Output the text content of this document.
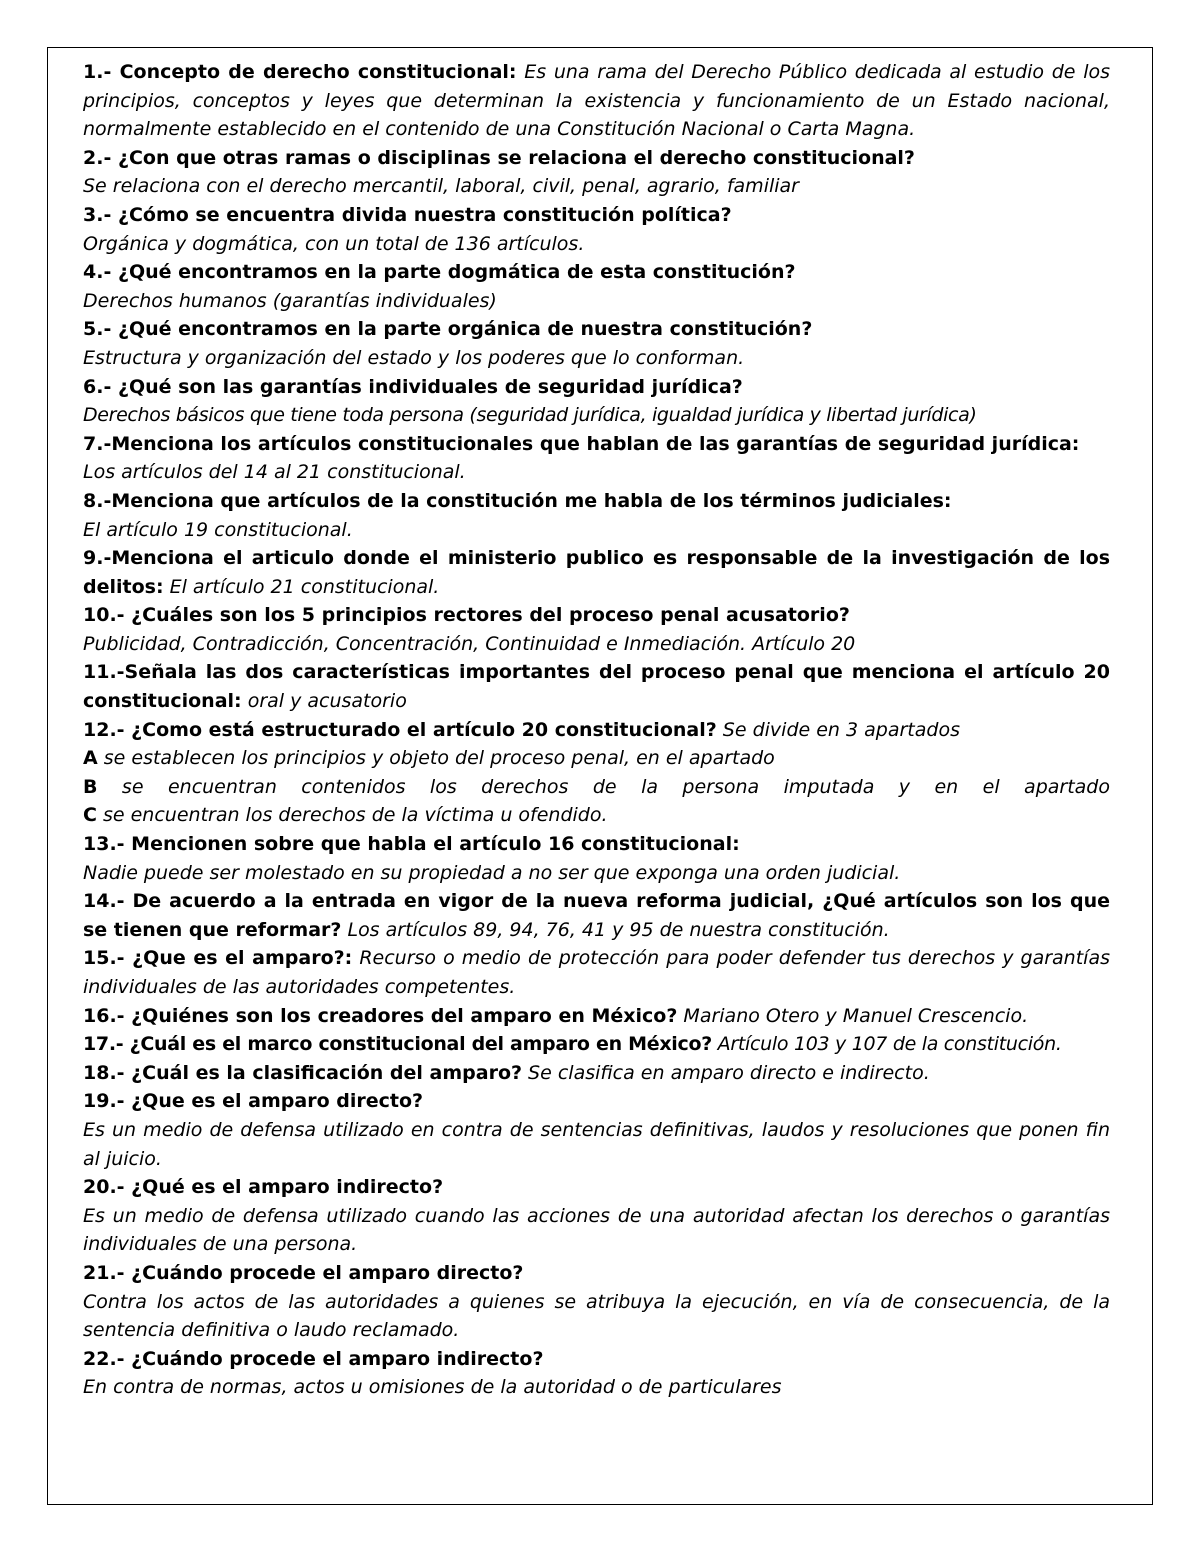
1.- Concepto de derecho constitucional: Es una rama del Derecho Público dedicada al estudio de los principios, conceptos y leyes que determinan la existencia y funcionamiento de un Estado nacional, normalmente establecido en el contenido de una Constitución Nacional o Carta Magna.
2.- ¿Con que otras ramas o disciplinas se relaciona el derecho constitucional?
Se relaciona con el derecho mercantil, laboral, civil, penal, agrario, familiar
3.- ¿Cómo se encuentra divida nuestra constitución política?
Orgánica y dogmática, con un total de 136 artículos.
4.- ¿Qué encontramos en la parte dogmática de esta constitución?
Derechos humanos (garantías individuales)
5.- ¿Qué encontramos en la parte orgánica de nuestra constitución?
Estructura y organización del estado y los poderes que lo conforman.
6.- ¿Qué son las garantías individuales de seguridad jurídica?
Derechos básicos que tiene toda persona (seguridad jurídica, igualdad jurídica y libertad jurídica)
7.-Menciona los artículos constitucionales que hablan de las garantías de seguridad jurídica:
Los artículos del 14 al 21 constitucional.
8.-Menciona que artículos de la constitución me habla de los términos judiciales:
El artículo 19 constitucional.
9.-Menciona el articulo donde el ministerio publico es responsable de la investigación de los delitos: El artículo 21 constitucional.
10.- ¿Cuáles son los 5 principios rectores del proceso penal acusatorio?
Publicidad, Contradicción, Concentración, Continuidad e Inmediación. Artículo 20
11.-Señala las dos características importantes del proceso penal que menciona el artículo 20 constitucional: oral y acusatorio
12.- ¿Como está estructurado el artículo 20 constitucional? Se divide en 3 apartados
A se establecen los principios y objeto del proceso penal, en el apartado
B se encuentran contenidos los derechos de la persona imputada y en el apartado
C se encuentran los derechos de la víctima u ofendido.
13.- Mencionen sobre que habla el artículo 16 constitucional:
Nadie puede ser molestado en su propiedad a no ser que exponga una orden judicial.
14.- De acuerdo a la entrada en vigor de la nueva reforma judicial, ¿Qué artículos son los que se tienen que reformar? Los artículos 89, 94, 76, 41 y 95 de nuestra constitución.
15.- ¿Que es el amparo?: Recurso o medio de protección para poder defender tus derechos y garantías individuales de las autoridades competentes.
16.- ¿Quiénes son los creadores del amparo en México? Mariano Otero y Manuel Crescencio.
17.- ¿Cuál es el marco constitucional del amparo en México? Artículo 103 y 107 de la constitución.
18.- ¿Cuál es la clasificación del amparo? Se clasifica en amparo directo e indirecto.
19.- ¿Que es el amparo directo?
Es un medio de defensa utilizado en contra de sentencias definitivas, laudos y resoluciones que ponen fin al juicio.
20.- ¿Qué es el amparo indirecto?
Es un medio de defensa utilizado cuando las acciones de una autoridad afectan los derechos o garantías individuales de una persona.
21.- ¿Cuándo procede el amparo directo?
Contra los actos de las autoridades a quienes se atribuya la ejecución, en vía de consecuencia, de la sentencia definitiva o laudo reclamado.
22.- ¿Cuándo procede el amparo indirecto?
En contra de normas, actos u omisiones de la autoridad o de particulares
